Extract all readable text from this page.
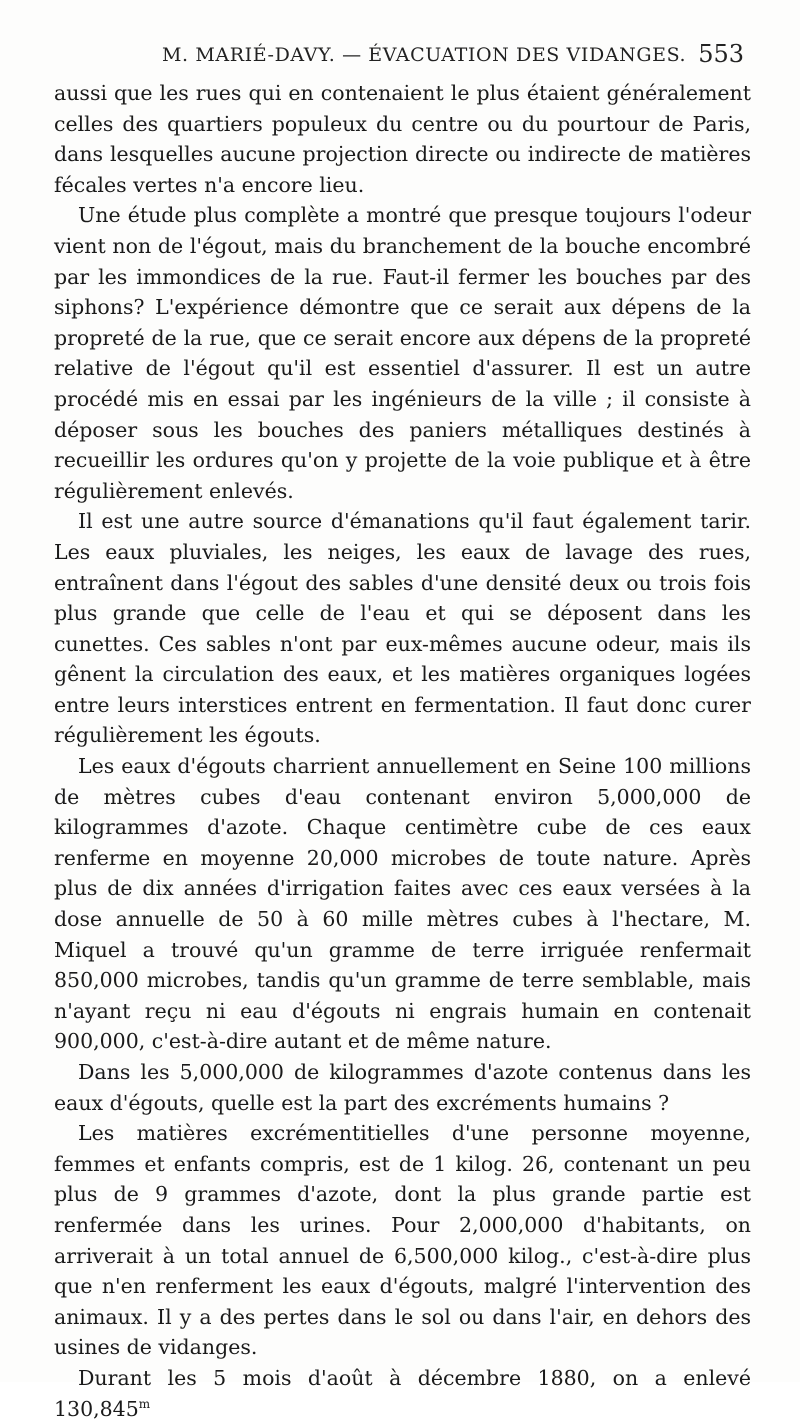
M. MARIÉ-DAVY. — ÉVACUATION DES VIDANGES. 553

aussi que les rues qui en contenaient le plus étaient généralement celles des quartiers populeux du centre ou du pourtour de Paris, dans lesquelles aucune projection directe ou indirecte de matières fécales vertes n'a encore lieu.

Une étude plus complète a montré que presque toujours l'odeur vient non de l'égout, mais du branchement de la bouche encombré par les immondices de la rue. Faut-il fermer les bouches par des siphons? L'expérience démontre que ce serait aux dépens de la propreté de la rue, que ce serait encore aux dépens de la propreté relative de l'égout qu'il est essentiel d'assurer. Il est un autre procédé mis en essai par les ingénieurs de la ville ; il consiste à déposer sous les bouches des paniers métalliques destinés à recueillir les ordures qu'on y projette de la voie publique et à être régulièrement enlevés.

Il est une autre source d'émanations qu'il faut également tarir. Les eaux pluviales, les neiges, les eaux de lavage des rues, entraînent dans l'égout des sables d'une densité deux ou trois fois plus grande que celle de l'eau et qui se déposent dans les cunettes. Ces sables n'ont par eux-mêmes aucune odeur, mais ils gênent la circulation des eaux, et les matières organiques logées entre leurs interstices entrent en fermentation. Il faut donc curer régulièrement les égouts.

Les eaux d'égouts charrient annuellement en Seine 100 millions de mètres cubes d'eau contenant environ 5,000,000 de kilogrammes d'azote. Chaque centimètre cube de ces eaux renferme en moyenne 20,000 microbes de toute nature. Après plus de dix années d'irrigation faites avec ces eaux versées à la dose annuelle de 50 à 60 mille mètres cubes à l'hectare, M. Miquel a trouvé qu'un gramme de terre irriguée renfermait 850,000 microbes, tandis qu'un gramme de terre semblable, mais n'ayant reçu ni eau d'égouts ni engrais humain en contenait 900,000, c'est-à-dire autant et de même nature.

Dans les 5,000,000 de kilogrammes d'azote contenus dans les eaux d'égouts, quelle est la part des excréments humains ?

Les matières excrémentitielles d'une personne moyenne, femmes et enfants compris, est de 1 kilog. 26, contenant un peu plus de 9 grammes d'azote, dont la plus grande partie est renfermée dans les urines. Pour 2,000,000 d'habitants, on arriverait à un total annuel de 6,500,000 kilog., c'est-à-dire plus que n'en renferment les eaux d'égouts, malgré l'intervention des animaux. Il y a des pertes dans le sol ou dans l'air, en dehors des usines de vidanges.

Durant les 5 mois d'août à décembre 1880, on a enlevé 130,845$^m$
